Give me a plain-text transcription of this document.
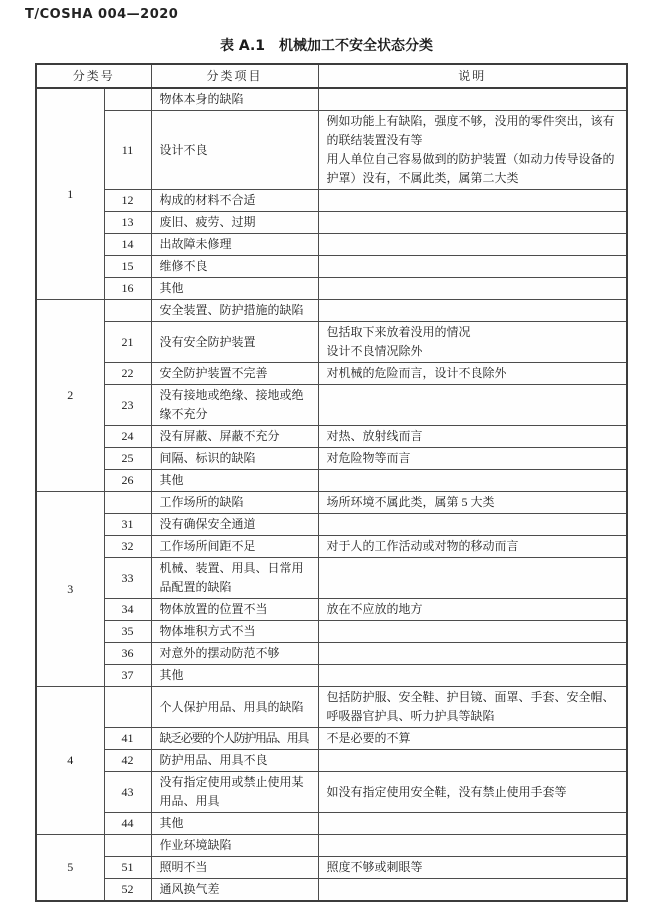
T/COSHA 004—2020
表 A.1　机械加工不安全状态分类
分类号		分类项目	说明
1		物体本身的缺陷	
	11	设计不良	例如功能上有缺陷，强度不够，没用的零件突出，该有的联结装置没有等
用人单位自己容易做到的防护装置（如动力传导设备的护罩）没有，不属此类，属第二大类

	12	构成的材料不合适	
	13	废旧、疲劳、过期	
	14	出故障未修理	
	15	维修不良	
	16	其他	
2		安全装置、防护措施的缺陷	
	21	没有安全防护装置	包括取下来放着没用的情况
设计不良情况除外

	22	安全防护装置不完善	对机械的危险而言，设计不良除外

	23	没有接地或绝缘、接地或绝缘不充分	
	24	没有屏蔽、屏蔽不充分	对热、放射线而言

	25	间隔、标识的缺陷	对危险物等而言

	26	其他	
3		工作场所的缺陷	场所环境不属此类，属第 5 大类

	31	没有确保安全通道	
	32	工作场所间距不足	对于人的工作活动或对物的移动而言

	33	机械、装置、用具、日常用品配置的缺陷	
	34	物体放置的位置不当	放在不应放的地方

	35	物体堆积方式不当	
	36	对意外的摆动防范不够	
	37	其他	
4		个人保护用品、用具的缺陷	包括防护服、安全鞋、护目镜、面罩、手套、安全帽、呼吸器官护具、听力护具等缺陷

	41	缺乏必要的个人防护用品、用具	不是必要的不算

	42	防护用品、用具不良	
	43	没有指定使用或禁止使用某用品、用具	如没有指定使用安全鞋，没有禁止使用手套等

	44	其他	
5		作业环境缺陷	
	51	照明不当	照度不够或刺眼等

	52	通风换气差	
